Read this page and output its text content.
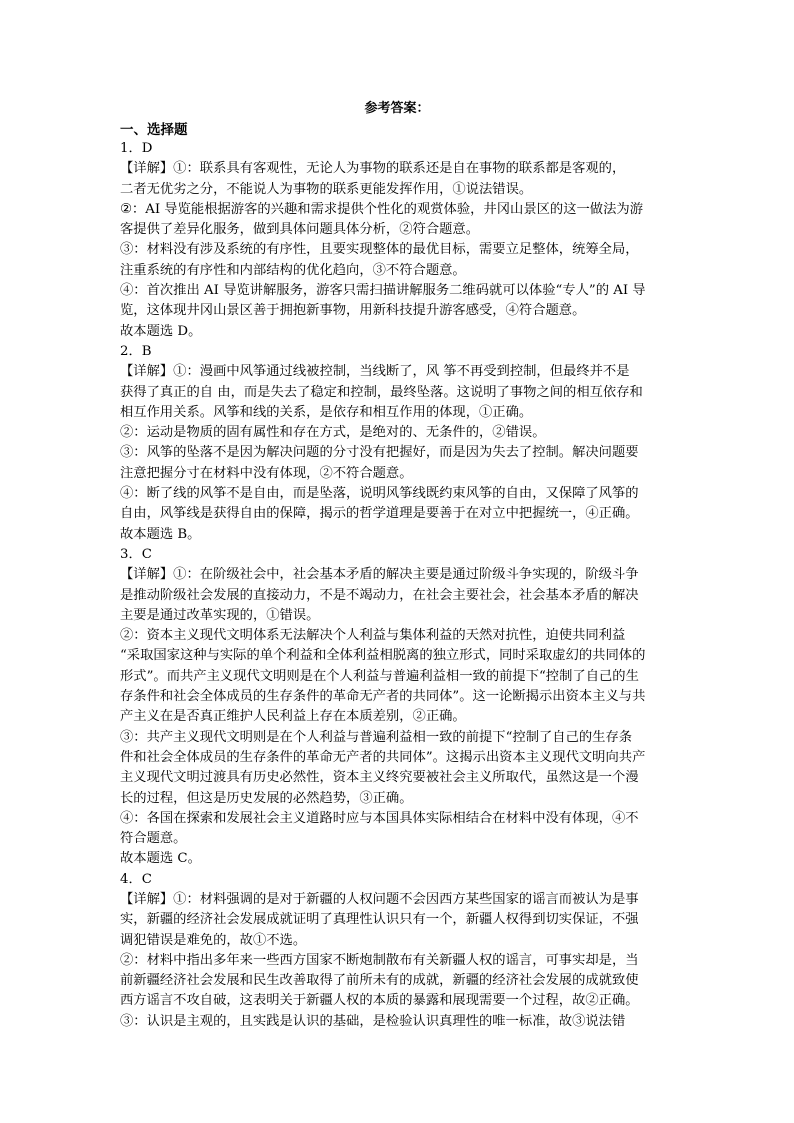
参考答案：
一、选择题
1．D
【详解】①：联系具有客观性，无论人为事物的联系还是自在事物的联系都是客观的，
二者无优劣之分，不能说人为事物的联系更能发挥作用，①说法错误。
②：AI 导览能根据游客的兴趣和需求提供个性化的观赏体验，井冈山景区的这一做法为游
客提供了差异化服务，做到具体问题具体分析，②符合题意。
③：材料没有涉及系统的有序性，且要实现整体的最优目标，需要立足整体，统筹全局，
注重系统的有序性和内部结构的优化趋向，③不符合题意。
④：首次推出 AI 导览讲解服务，游客只需扫描讲解服务二维码就可以体验“专人”的 AI 导
览，这体现井冈山景区善于拥抱新事物，用新科技提升游客感受，④符合题意。
故本题选 D。
2．B
【详解】①：漫画中风筝通过线被控制，当线断了，风 筝不再受到控制，但最终并不是
获得了真正的自 由，而是失去了稳定和控制，最终坠落。这说明了事物之间的相互依存和
相互作用关系。风筝和线的关系，是依存和相互作用的体现，①正确。
②：运动是物质的固有属性和存在方式，是绝对的、无条件的，②错误。
③：风筝的坠落不是因为解决问题的分寸没有把握好，而是因为失去了控制。解决问题要
注意把握分寸在材料中没有体现，②不符合题意。
④：断了线的风筝不是自由，而是坠落，说明风筝线既约束风筝的自由，又保障了风筝的
自由，风筝线是获得自由的保障，揭示的哲学道理是要善于在对立中把握统一，④正确。
故本题选 B。
3．C
【详解】①：在阶级社会中，社会基本矛盾的解决主要是通过阶级斗争实现的，阶级斗争
是推动阶级社会发展的直接动力，不是不竭动力，在社会主要社会，社会基本矛盾的解决
主要是通过改革实现的，①错误。
②：资本主义现代文明体系无法解决个人利益与集体利益的天然对抗性，迫使共同利益
“采取国家这种与实际的单个利益和全体利益相脱离的独立形式，同时采取虚幻的共同体的
形式”。而共产主义现代文明则是在个人利益与普遍利益相一致的前提下“控制了自己的生
存条件和社会全体成员的生存条件的革命无产者的共同体”。这一论断揭示出资本主义与共
产主义在是否真正维护人民利益上存在本质差别，②正确。
③：共产主义现代文明则是在个人利益与普遍利益相一致的前提下“控制了自己的生存条
件和社会全体成员的生存条件的革命无产者的共同体”。这揭示出资本主义现代文明向共产
主义现代文明过渡具有历史必然性，资本主义终究要被社会主义所取代，虽然这是一个漫
长的过程，但这是历史发展的必然趋势，③正确。
④：各国在探索和发展社会主义道路时应与本国具体实际相结合在材料中没有体现，④不
符合题意。
故本题选 C。
4．C
【详解】①：材料强调的是对于新疆的人权问题不会因西方某些国家的谣言而被认为是事
实，新疆的经济社会发展成就证明了真理性认识只有一个，新疆人权得到切实保证，不强
调犯错误是难免的，故①不选。
②：材料中指出多年来一些西方国家不断炮制散布有关新疆人权的谣言，可事实却是，当
前新疆经济社会发展和民生改善取得了前所未有的成就，新疆的经济社会发展的成就致使
西方谣言不攻自破，这表明关于新疆人权的本质的暴露和展现需要一个过程，故②正确。
③：认识是主观的，且实践是认识的基础，是检验认识真理性的唯一标准，故③说法错
